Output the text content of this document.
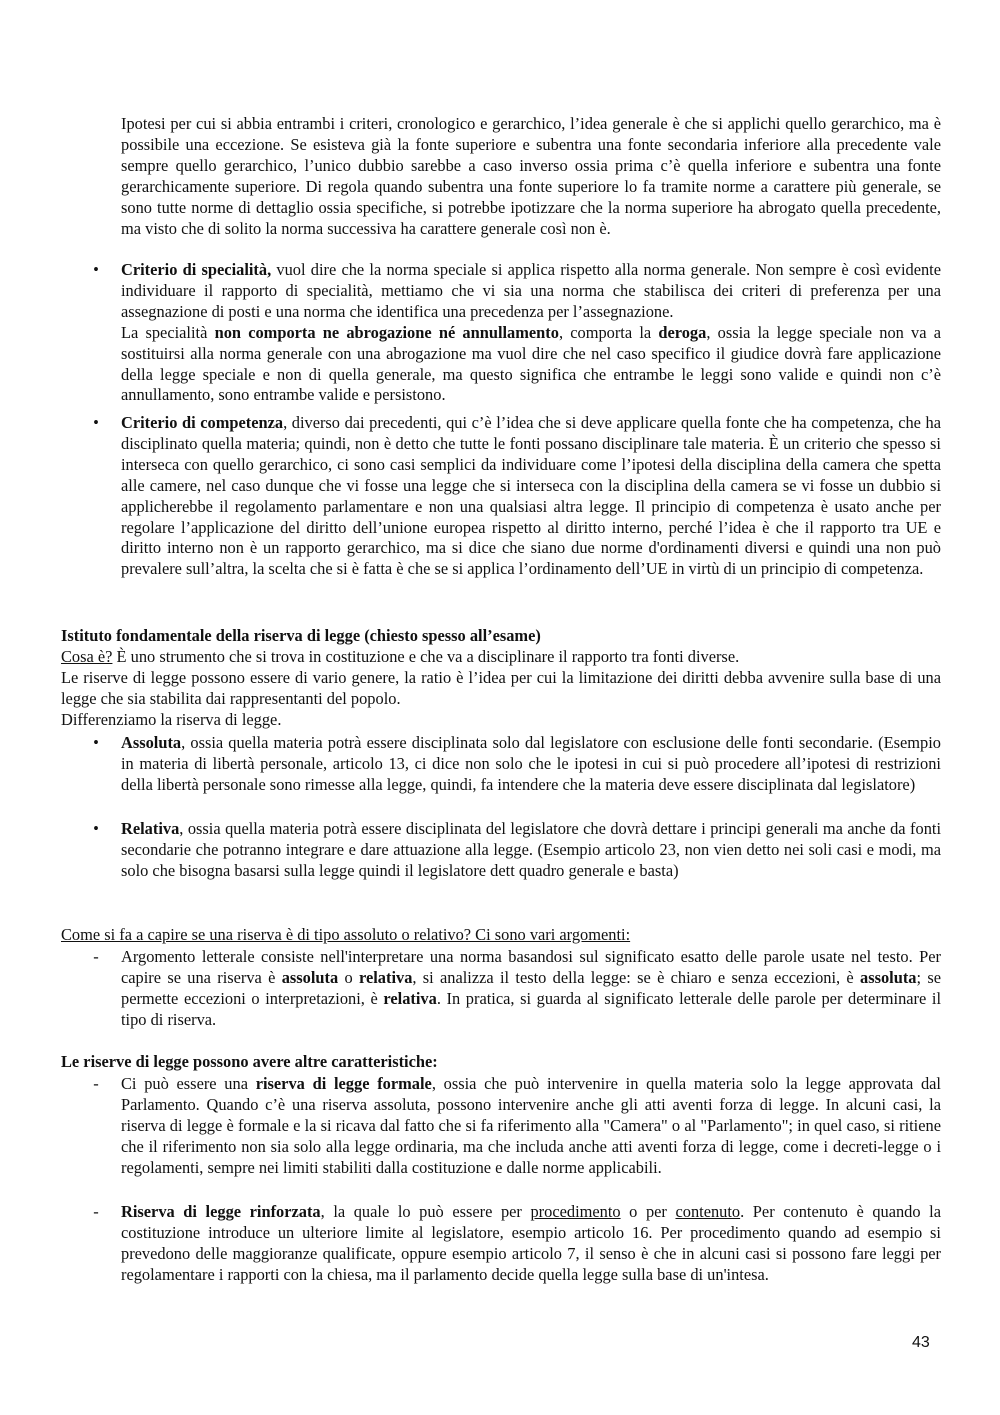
Ipotesi per cui si abbia entrambi i criteri, cronologico e gerarchico, l’idea generale è che si applichi quello gerarchico, ma è possibile una eccezione. Se esisteva già la fonte superiore e subentra una fonte secondaria inferiore alla precedente vale sempre quello gerarchico, l’unico dubbio sarebbe a caso inverso ossia prima c’è quella inferiore e subentra una fonte gerarchicamente superiore. Di regola quando subentra una fonte superiore lo fa tramite norme a carattere più generale, se sono tutte norme di dettaglio ossia specifiche, si potrebbe ipotizzare che la norma superiore ha abrogato quella precedente, ma visto che di solito la norma successiva ha carattere generale così non è.

• Criterio di specialità, vuol dire che la norma speciale si applica rispetto alla norma generale. Non sempre è così evidente individuare il rapporto di specialità, mettiamo che vi sia una norma che stabilisca dei criteri di preferenza per una assegnazione di posti e una norma che identifica una precedenza per l’assegnazione.

La specialità non comporta ne abrogazione né annullamento, comporta la deroga, ossia la legge speciale non va a sostituirsi alla norma generale con una abrogazione ma vuol dire che nel caso specifico il giudice dovrà fare applicazione della legge speciale e non di quella generale, ma questo significa che entrambe le leggi sono valide e quindi non c’è annullamento, sono entrambe valide e persistono.

• Criterio di competenza, diverso dai precedenti, qui c’è l’idea che si deve applicare quella fonte che ha competenza, che ha disciplinato quella materia; quindi, non è detto che tutte le fonti possano disciplinare tale materia. È un criterio che spesso si interseca con quello gerarchico, ci sono casi semplici da individuare come l’ipotesi della disciplina della camera che spetta alle camere, nel caso dunque che vi fosse una legge che si interseca con la disciplina della camera se vi fosse un dubbio si applicherebbe il regolamento parlamentare e non una qualsiasi altra legge. Il principio di competenza è usato anche per regolare l’applicazione del diritto dell’unione europea rispetto al diritto interno, perché l’idea è che il rapporto tra UE e diritto interno non è un rapporto gerarchico, ma si dice che siano due norme d'ordinamenti diversi e quindi una non può prevalere sull’altra, la scelta che si è fatta è che se si applica l’ordinamento dell’UE in virtù di un principio di competenza.

Istituto fondamentale della riserva di legge (chiesto spesso all’esame)

Cosa è? È uno strumento che si trova in costituzione e che va a disciplinare il rapporto tra fonti diverse.

Le riserve di legge possono essere di vario genere, la ratio è l’idea per cui la limitazione dei diritti debba avvenire sulla base di una legge che sia stabilita dai rappresentanti del popolo.

Differenziamo la riserva di legge.

• Assoluta, ossia quella materia potrà essere disciplinata solo dal legislatore con esclusione delle fonti secondarie. (Esempio in materia di libertà personale, articolo 13, ci dice non solo che le ipotesi in cui si può procedere all’ipotesi di restrizioni della libertà personale sono rimesse alla legge, quindi, fa intendere che la materia deve essere disciplinata dal legislatore)

• Relativa, ossia quella materia potrà essere disciplinata del legislatore che dovrà dettare i principi generali ma anche da fonti secondarie che potranno integrare e dare attuazione alla legge. (Esempio articolo 23, non vien detto nei soli casi e modi, ma solo che bisogna basarsi sulla legge quindi il legislatore dett quadro generale e basta)

Come si fa a capire se una riserva è di tipo assoluto o relativo? Ci sono vari argomenti:

- Argomento letterale consiste nell'interpretare una norma basandosi sul significato esatto delle parole usate nel testo. Per capire se una riserva è assoluta o relativa, si analizza il testo della legge: se è chiaro e senza eccezioni, è assoluta; se permette eccezioni o interpretazioni, è relativa. In pratica, si guarda al significato letterale delle parole per determinare il tipo di riserva.

Le riserve di legge possono avere altre caratteristiche:

- Ci può essere una riserva di legge formale, ossia che può intervenire in quella materia solo la legge approvata dal Parlamento. Quando c’è una riserva assoluta, possono intervenire anche gli atti aventi forza di legge. In alcuni casi, la riserva di legge è formale e la si ricava dal fatto che si fa riferimento alla "Camera" o al "Parlamento"; in quel caso, si ritiene che il riferimento non sia solo alla legge ordinaria, ma che includa anche atti aventi forza di legge, come i decreti-legge o i regolamenti, sempre nei limiti stabiliti dalla costituzione e dalle norme applicabili.

- Riserva di legge rinforzata, la quale lo può essere per procedimento o per contenuto. Per contenuto è quando la costituzione introduce un ulteriore limite al legislatore, esempio articolo 16. Per procedimento quando ad esempio si prevedono delle maggioranze qualificate, oppure esempio articolo 7, il senso è che in alcuni casi si possono fare leggi per regolamentare i rapporti con la chiesa, ma il parlamento decide quella legge sulla base di un'intesa.

43
